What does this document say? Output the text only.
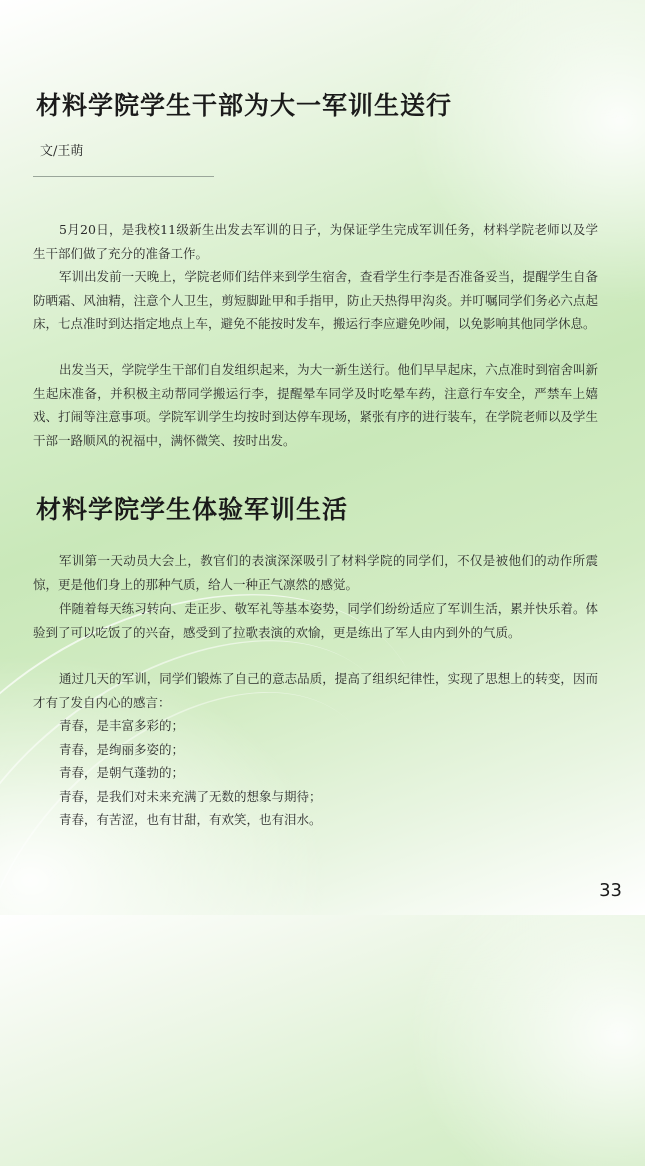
材料学院学生干部为大一军训生送行
文/王萌

5月20日，是我校11级新生出发去军训的日子，为保证学生完成军训任务，材料学院老师以及学生干部们做了充分的准备工作。

军训出发前一天晚上，学院老师们结伴来到学生宿舍，查看学生行李是否准备妥当，提醒学生自备防晒霜、风油精，注意个人卫生，剪短脚趾甲和手指甲，防止天热得甲沟炎。并叮嘱同学们务必六点起床，七点准时到达指定地点上车，避免不能按时发车，搬运行李应避免吵闹，以免影响其他同学休息。

出发当天，学院学生干部们自发组织起来，为大一新生送行。他们早早起床，六点准时到宿舍叫新生起床准备，并积极主动帮同学搬运行李，提醒晕车同学及时吃晕车药，注意行车安全，严禁车上嬉戏、打闹等注意事项。学院军训学生均按时到达停车现场，紧张有序的进行装车，在学院老师以及学生干部一路顺风的祝福中，满怀微笑、按时出发。

材料学院学生体验军训生活

军训第一天动员大会上，教官们的表演深深吸引了材料学院的同学们，不仅是被他们的动作所震惊，更是他们身上的那种气质，给人一种正气凛然的感觉。

伴随着每天练习转向、走正步、敬军礼等基本姿势，同学们纷纷适应了军训生活，累并快乐着。体验到了可以吃饭了的兴奋，感受到了拉歌表演的欢愉，更是练出了军人由内到外的气质。

通过几天的军训，同学们锻炼了自己的意志品质，提高了组织纪律性，实现了思想上的转变，因而才有了发自内心的感言：

青春，是丰富多彩的；
青春，是绚丽多姿的；
青春，是朝气蓬勃的；
青春，是我们对未来充满了无数的想象与期待；
青春，有苦涩，也有甘甜，有欢笑，也有泪水。
33
